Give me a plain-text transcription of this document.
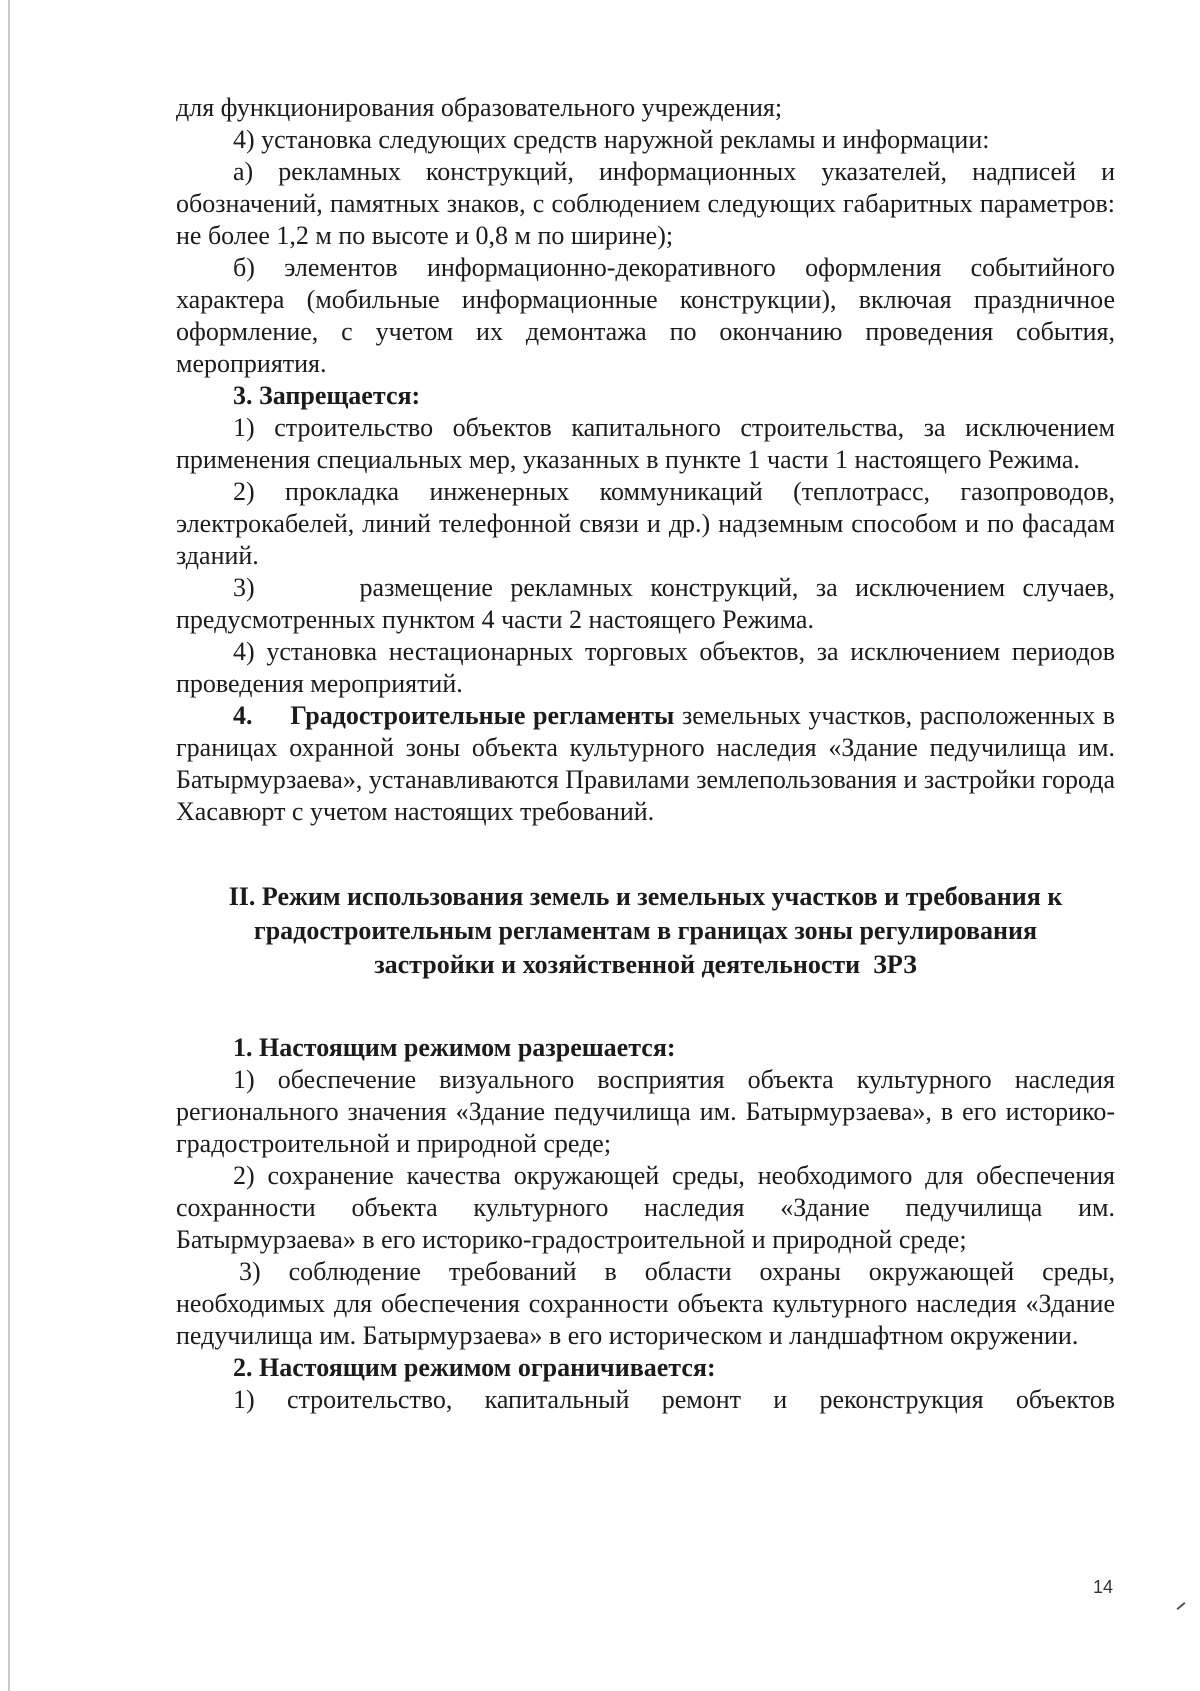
для функционирования образовательного учреждения;

4) установка следующих средств наружной рекламы и информации:

а) рекламных конструкций, информационных указателей, надписей и обозначений, памятных знаков, с соблюдением следующих габаритных параметров: не более 1,2 м по высоте и 0,8 м по ширине);

б) элементов информационно-декоративного оформления событийного характера (мобильные информационные конструкции), включая праздничное оформление, с учетом их демонтажа по окончанию проведения события, мероприятия.

3. Запрещается:

1) строительство объектов капитального строительства, за исключением применения специальных мер, указанных в пункте 1 части 1 настоящего Режима.

2) прокладка инженерных коммуникаций (теплотрасс, газопроводов, электрокабелей, линий телефонной связи и др.) надземным способом и по фасадам зданий.

3)      размещение рекламных конструкций, за исключением случаев, предусмотренных пунктом 4 части 2 настоящего Режима.

4) установка нестационарных торговых объектов, за исключением периодов проведения мероприятий.

4. Градостроительные регламенты земельных участков, расположенных в границах охранной зоны объекта культурного наследия «Здание педучилища им. Батырмурзаева», устанавливаются Правилами землепользования и застройки города Хасавюрт с учетом настоящих требований.

II. Режим использования земель и земельных участков и требования к

градостроительным регламентам в границах зоны регулирования

застройки и хозяйственной деятельности  ЗРЗ

1. Настоящим режимом разрешается:

1) обеспечение визуального восприятия объекта культурного наследия регионального значения «Здание педучилища им. Батырмурзаева», в его историко-градостроительной и природной среде;

2) сохранение качества окружающей среды, необходимого для обеспечения сохранности объекта культурного наследия «Здание педучилища им. Батырмурзаева» в его историко-градостроительной и природной среде;

3) соблюдение требований в области охраны окружающей среды, необходимых для обеспечения сохранности объекта культурного наследия «Здание педучилища им. Батырмурзаева» в его историческом и ландшафтном окружении.

2. Настоящим режимом ограничивается:

1) строительство, капитальный ремонт и реконструкция объектов

14
